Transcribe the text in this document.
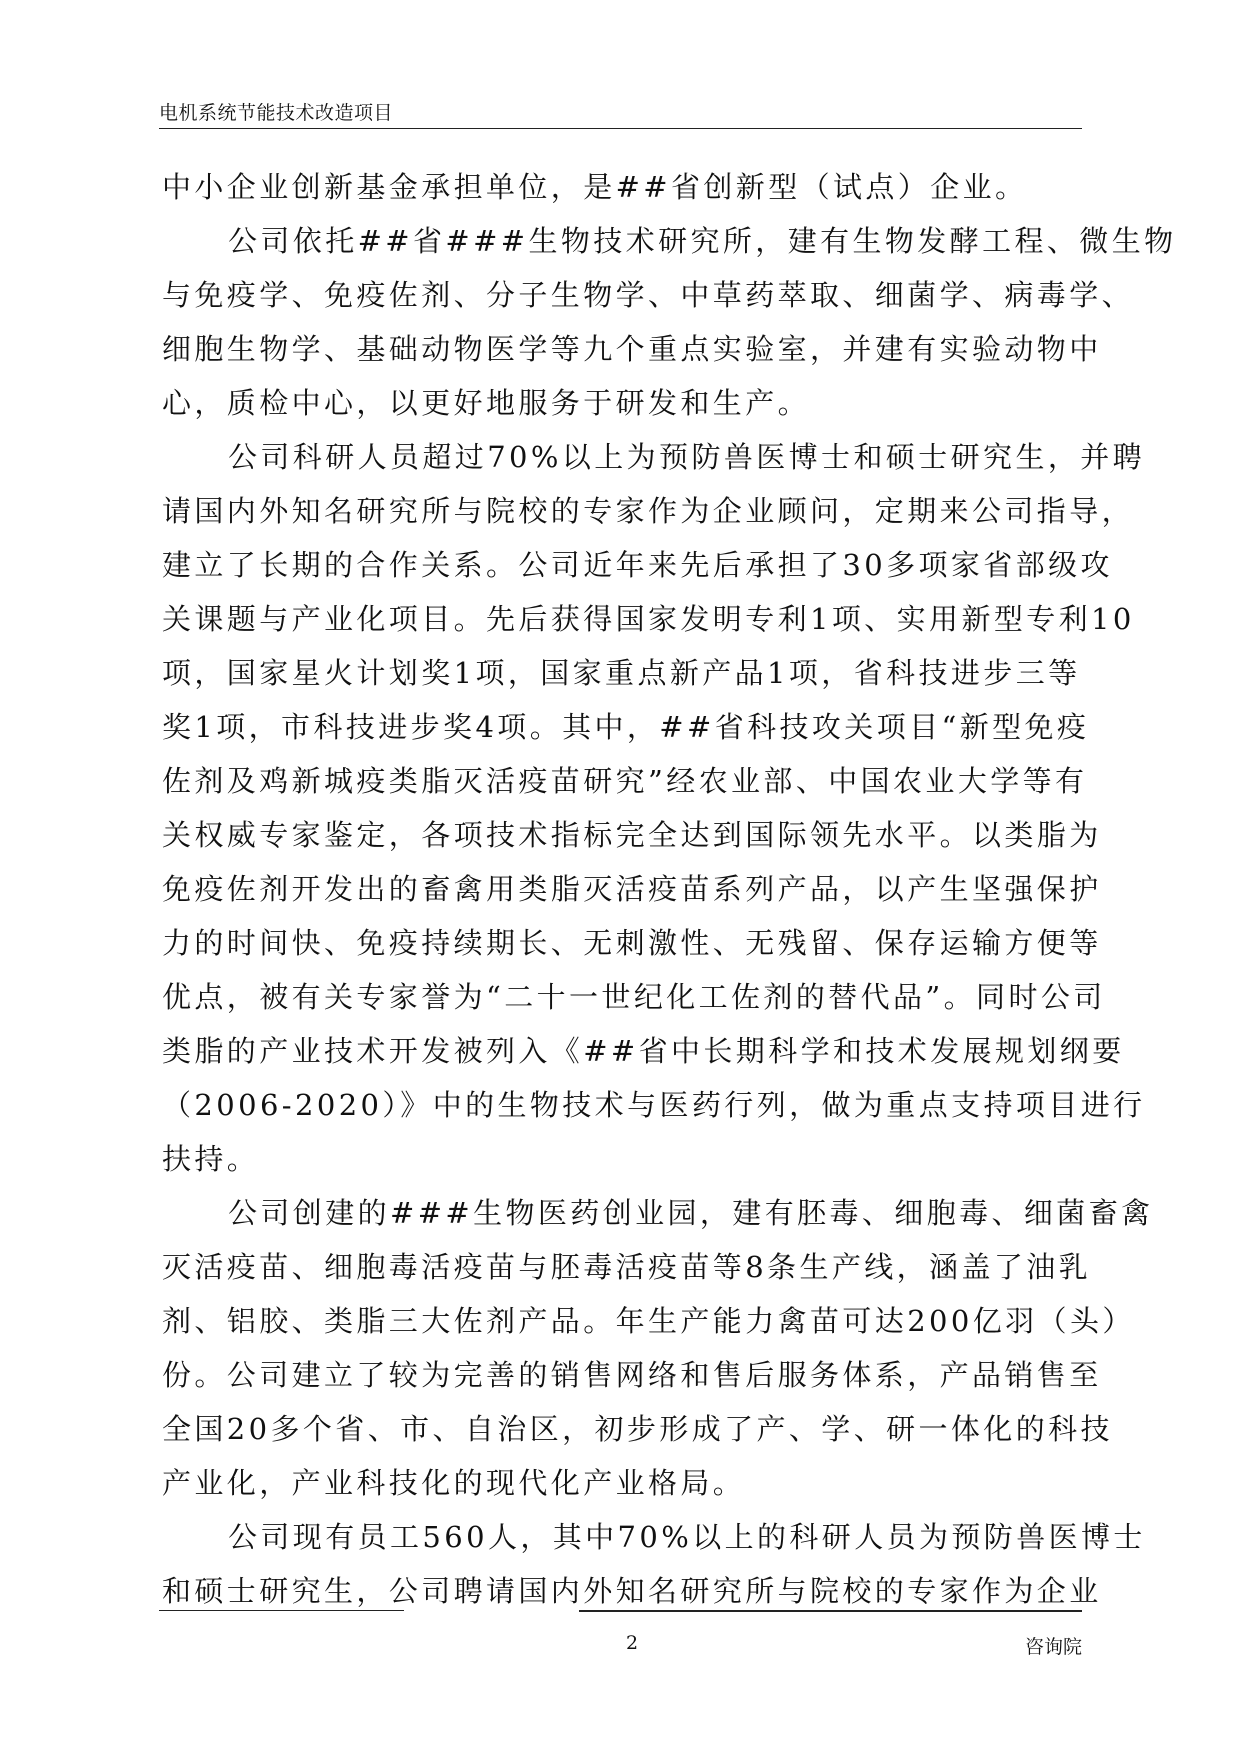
电机系统节能技术改造项目
中小企业创新基金承担单位，是##省创新型（试点）企业。
公司依托##省###生物技术研究所，建有生物发酵工程、微生物
与免疫学、免疫佐剂、分子生物学、中草药萃取、细菌学、病毒学、
细胞生物学、基础动物医学等九个重点实验室，并建有实验动物中
心，质检中心，以更好地服务于研发和生产。
公司科研人员超过70%以上为预防兽医博士和硕士研究生，并聘
请国内外知名研究所与院校的专家作为企业顾问，定期来公司指导，
建立了长期的合作关系。公司近年来先后承担了30多项家省部级攻
关课题与产业化项目。先后获得国家发明专利1项、实用新型专利10
项，国家星火计划奖1项，国家重点新产品1项，省科技进步三等
奖1项，市科技进步奖4项。其中，##省科技攻关项目“新型免疫
佐剂及鸡新城疫类脂灭活疫苗研究”经农业部、中国农业大学等有
关权威专家鉴定，各项技术指标完全达到国际领先水平。以类脂为
免疫佐剂开发出的畜禽用类脂灭活疫苗系列产品，以产生坚强保护
力的时间快、免疫持续期长、无刺激性、无残留、保存运输方便等
优点，被有关专家誉为“二十一世纪化工佐剂的替代品”。同时公司
类脂的产业技术开发被列入《##省中长期科学和技术发展规划纲要
（2006-2020）》中的生物技术与医药行列，做为重点支持项目进行
扶持。
公司创建的###生物医药创业园，建有胚毒、细胞毒、细菌畜禽
灭活疫苗、细胞毒活疫苗与胚毒活疫苗等8条生产线，涵盖了油乳
剂、铝胶、类脂三大佐剂产品。年生产能力禽苗可达200亿羽（头）
份。公司建立了较为完善的销售网络和售后服务体系，产品销售至
全国20多个省、市、自治区，初步形成了产、学、研一体化的科技
产业化，产业科技化的现代化产业格局。
公司现有员工560人，其中70%以上的科研人员为预防兽医博士
和硕士研究生，公司聘请国内外知名研究所与院校的专家作为企业
2	咨询院
